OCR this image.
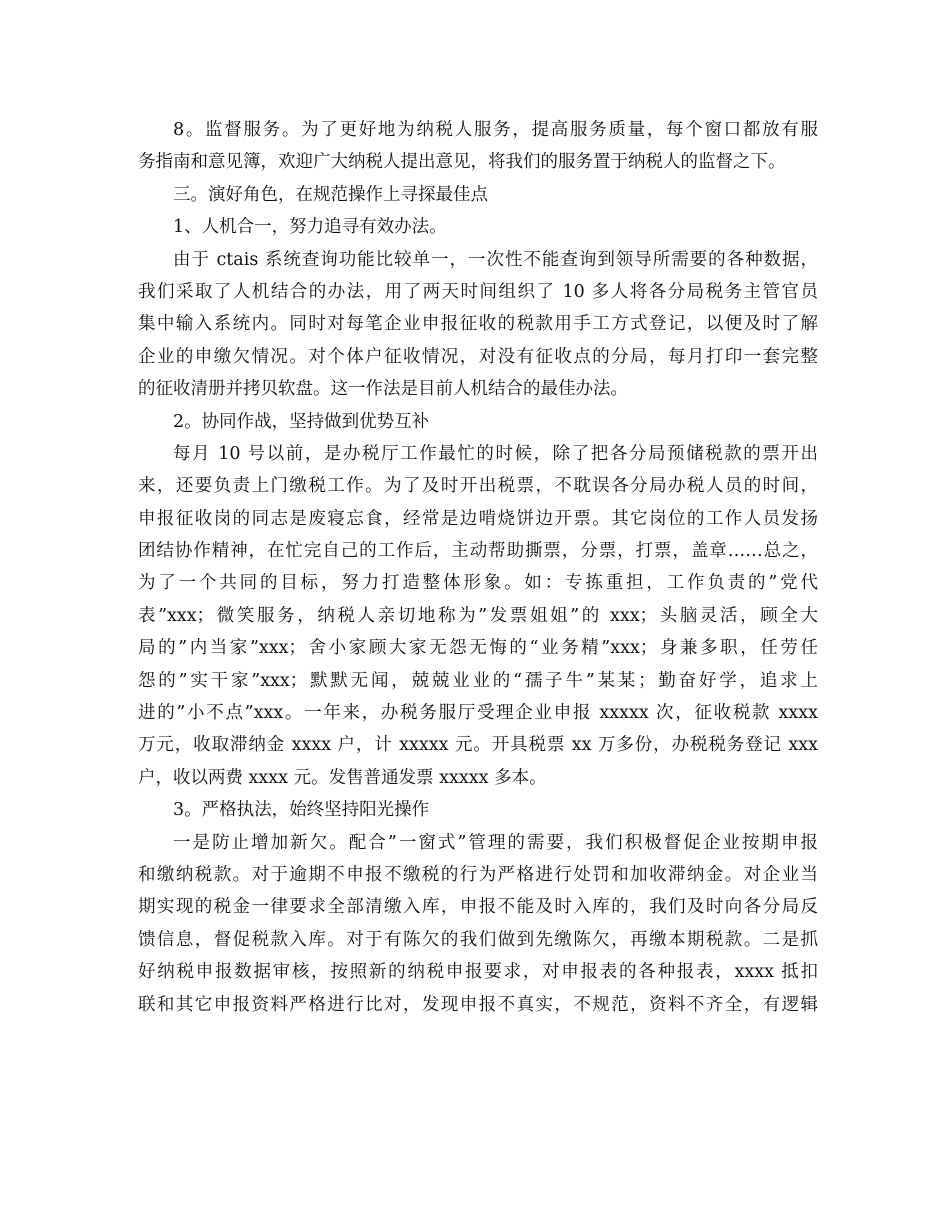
8。监督服务。为了更好地为纳税人服务，提高服务质量，每个窗口都放有服
务指南和意见簿，欢迎广大纳税人提出意见，将我们的服务置于纳税人的监督之下。
三。演好角色，在规范操作上寻探最佳点
1、人机合一，努力追寻有效办法。
由于 ctais 系统查询功能比较单一，一次性不能查询到领导所需要的各种数据，
我们采取了人机结合的办法，用了两天时间组织了 10 多人将各分局税务主管官员
集中输入系统内。同时对每笔企业申报征收的税款用手工方式登记，以便及时了解
企业的申缴欠情况。对个体户征收情况，对没有征收点的分局，每月打印一套完整
的征收清册并拷贝软盘。这一作法是目前人机结合的最佳办法。
2。协同作战，坚持做到优势互补
每月 10 号以前，是办税厅工作最忙的时候，除了把各分局预储税款的票开出
来，还要负责上门缴税工作。为了及时开出税票，不耽误各分局办税人员的时间，
申报征收岗的同志是废寝忘食，经常是边啃烧饼边开票。其它岗位的工作人员发扬
团结协作精神，在忙完自己的工作后，主动帮助撕票，分票，打票，盖章……总之，
为了一个共同的目标，努力打造整体形象。如：专拣重担，工作负责的”党代
表”xxx；微笑服务，纳税人亲切地称为”发票姐姐”的 xxx；头脑灵活，顾全大
局的”内当家”xxx；舍小家顾大家无怨无悔的“业务精”xxx；身兼多职，任劳任
怨的”实干家”xxx；默默无闻，兢兢业业的“孺子牛”某某；勤奋好学，追求上
进的”小不点”xxx。一年来，办税务服厅受理企业申报 xxxxx 次，征收税款 xxxx
万元，收取滞纳金 xxxx 户，计 xxxxx 元。开具税票 xx 万多份，办税税务登记 xxx
户，收以两费 xxxx 元。发售普通发票 xxxxx 多本。
3。严格执法，始终坚持阳光操作
一是防止增加新欠。配合”一窗式”管理的需要，我们积极督促企业按期申报
和缴纳税款。对于逾期不申报不缴税的行为严格进行处罚和加收滞纳金。对企业当
期实现的税金一律要求全部清缴入库，申报不能及时入库的，我们及时向各分局反
馈信息，督促税款入库。对于有陈欠的我们做到先缴陈欠，再缴本期税款。二是抓
好纳税申报数据审核，按照新的纳税申报要求，对申报表的各种报表，xxxx 抵扣
联和其它申报资料严格进行比对，发现申报不真实，不规范，资料不齐全，有逻辑
